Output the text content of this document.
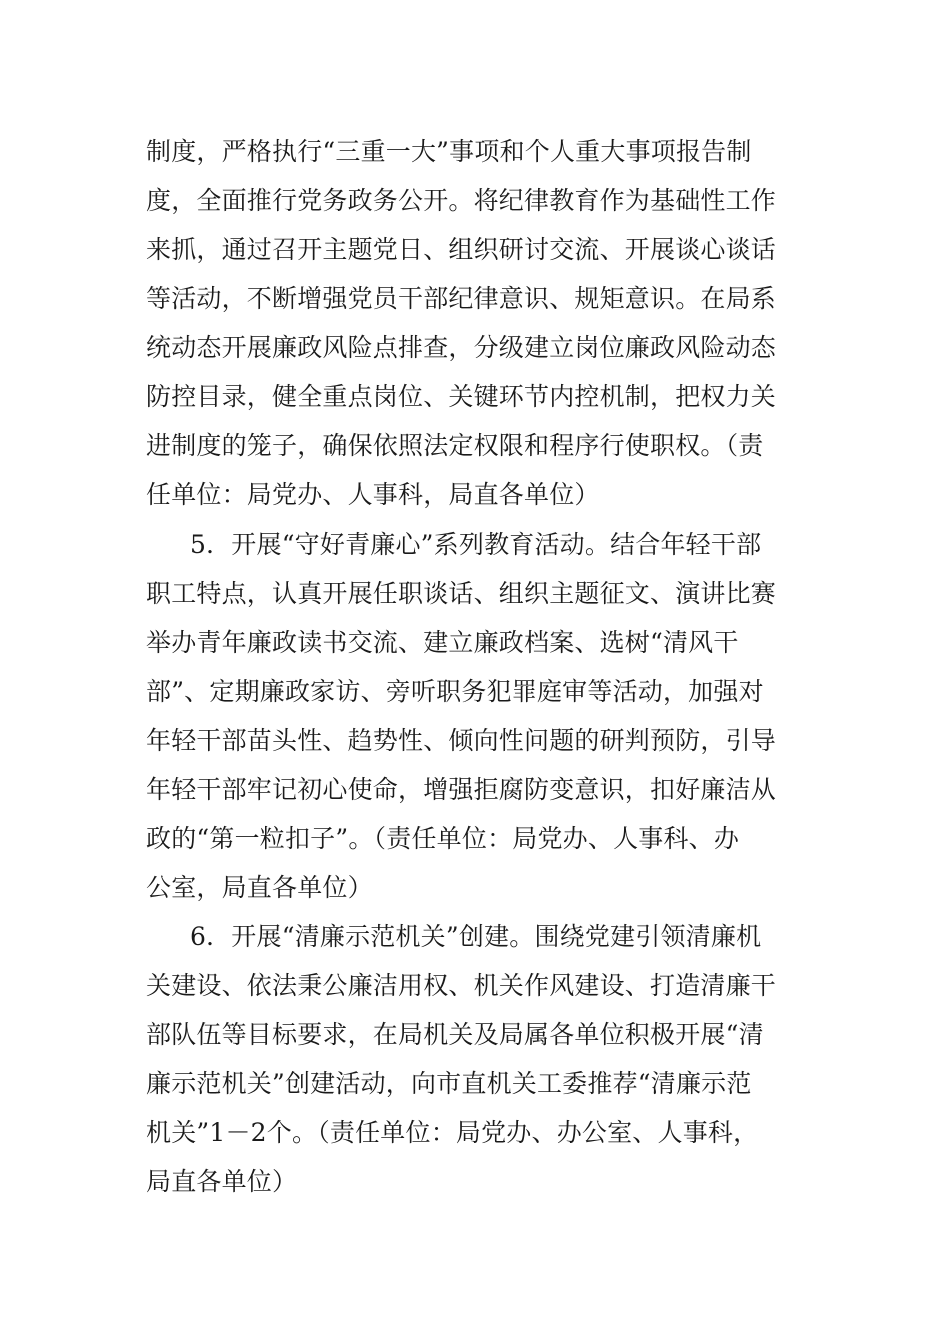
制度，严格执行“三重一大”事项和个人重大事项报告制
度，全面推行党务政务公开。将纪律教育作为基础性工作
来抓，通过召开主题党日、组织研讨交流、开展谈心谈话
等活动，不断增强党员干部纪律意识、规矩意识。在局系
统动态开展廉政风险点排查，分级建立岗位廉政风险动态
防控目录，健全重点岗位、关键环节内控机制，把权力关
进制度的笼子，确保依照法定权限和程序行使职权。（责
任单位：局党办、人事科，局直各单位）
5．开展“守好青廉心”系列教育活动。结合年轻干部
职工特点，认真开展任职谈话、组织主题征文、演讲比赛
举办青年廉政读书交流、建立廉政档案、选树“清风干
部”、定期廉政家访、旁听职务犯罪庭审等活动，加强对
年轻干部苗头性、趋势性、倾向性问题的研判预防，引导
年轻干部牢记初心使命，增强拒腐防变意识，扣好廉洁从
政的“第一粒扣子”。（责任单位：局党办、人事科、办
公室，局直各单位）
6．开展“清廉示范机关”创建。围绕党建引领清廉机
关建设、依法秉公廉洁用权、机关作风建设、打造清廉干
部队伍等目标要求，在局机关及局属各单位积极开展“清
廉示范机关”创建活动，向市直机关工委推荐“清廉示范
机关”1－2个。（责任单位：局党办、办公室、人事科，
局直各单位）
